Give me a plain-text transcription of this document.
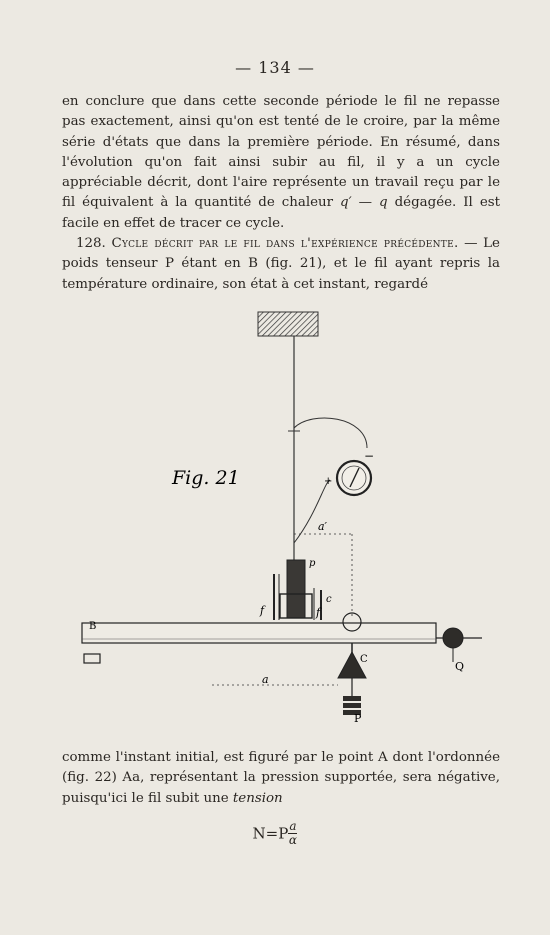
— 134 —

en conclure que dans cette seconde période le fil ne repasse pas exactement, ainsi qu'on est tenté de le croire, par la même série d'états que dans la première période. En résumé, dans l'évolution qu'on fait ainsi subir au fil, il y a un cycle appréciable décrit, dont l'aire représente un travail reçu par le fil équivalent à la quantité de chaleur q′ — q dégagée. Il est facile en effet de tracer ce cycle.

128. Cycle décrit par le fil dans l'expérience précédente. — Le poids tenseur P étant en B (fig. 21), et le fil ayant repris la température ordinaire, son état à cet instant, regardé

+
−
Fig. 21
a′
p
c
f	f
B
Q
C
a
P

comme l'instant initial, est figuré par le point A dont l'ordonnée (fig. 22) Aa, représentant la pression supportée, sera négative, puisqu'ici le fil subit une tension

$N=P \frac{a}{\alpha}$
